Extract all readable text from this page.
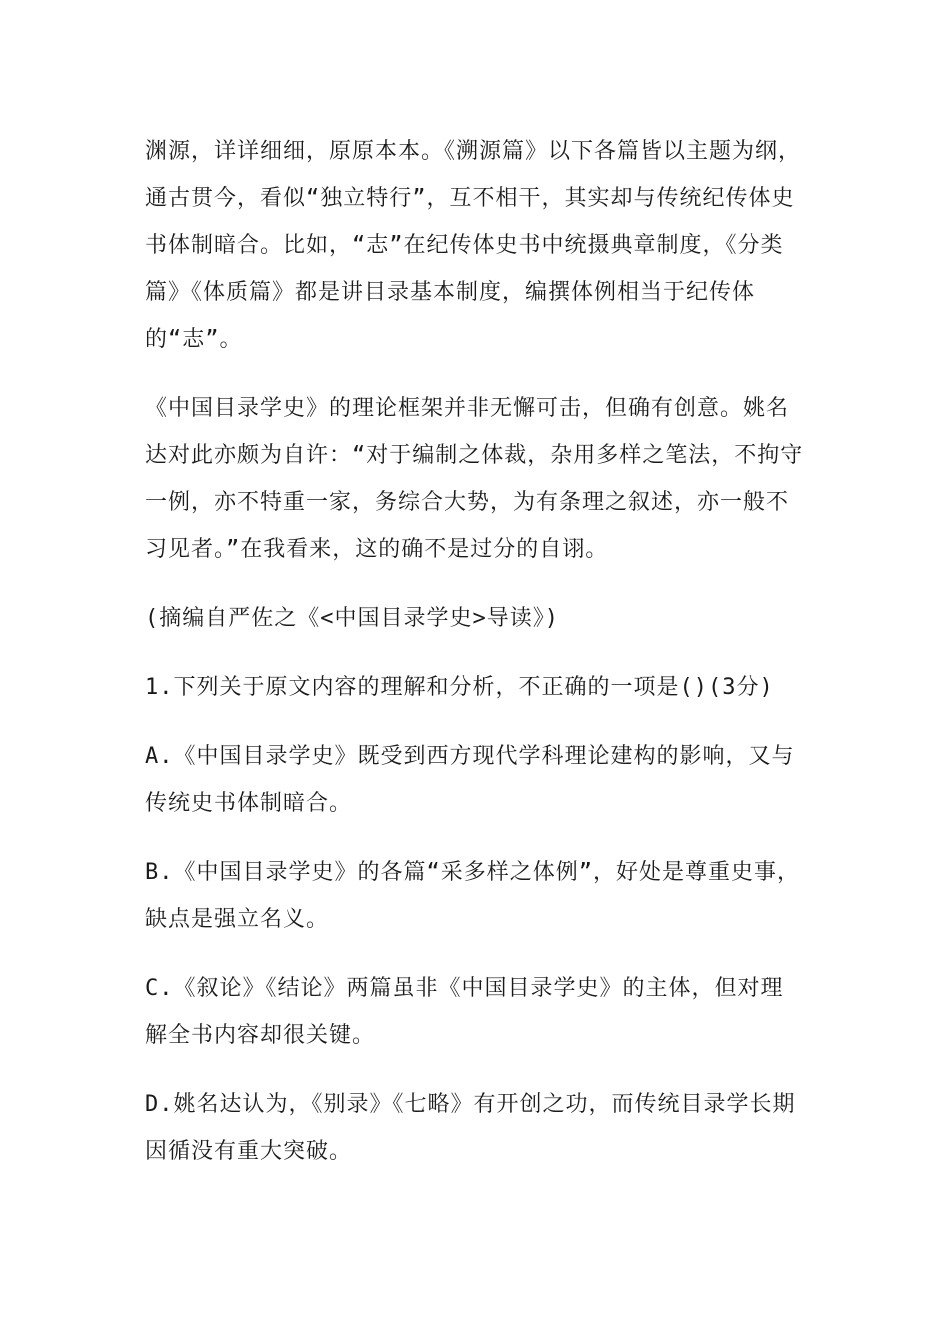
渊源，详详细细，原原本本。《溯源篇》以下各篇皆以主题为纲，通古贯今，看似“独立特行”，互不相干，其实却与传统纪传体史书体制暗合。比如，“志”在纪传体史书中统摄典章制度，《分类篇》《体质篇》都是讲目录基本制度，编撰体例相当于纪传体的“志”。

《中国目录学史》的理论框架并非无懈可击，但确有创意。姚名达对此亦颇为自许：“对于编制之体裁，杂用多样之笔法，不拘守一例，亦不特重一家，务综合大势，为有条理之叙述，亦一般不习见者。”在我看来，这的确不是过分的自诩。

(摘编自严佐之《<中国目录学史>导读》)

1.下列关于原文内容的理解和分析，不正确的一项是()(3分)

A.《中国目录学史》既受到西方现代学科理论建构的影响，又与传统史书体制暗合。

B.《中国目录学史》的各篇“采多样之体例”，好处是尊重史事，缺点是强立名义。

C.《叙论》《结论》两篇虽非《中国目录学史》的主体，但对理解全书内容却很关键。

D.姚名达认为，《别录》《七略》有开创之功，而传统目录学长期因循没有重大突破。
